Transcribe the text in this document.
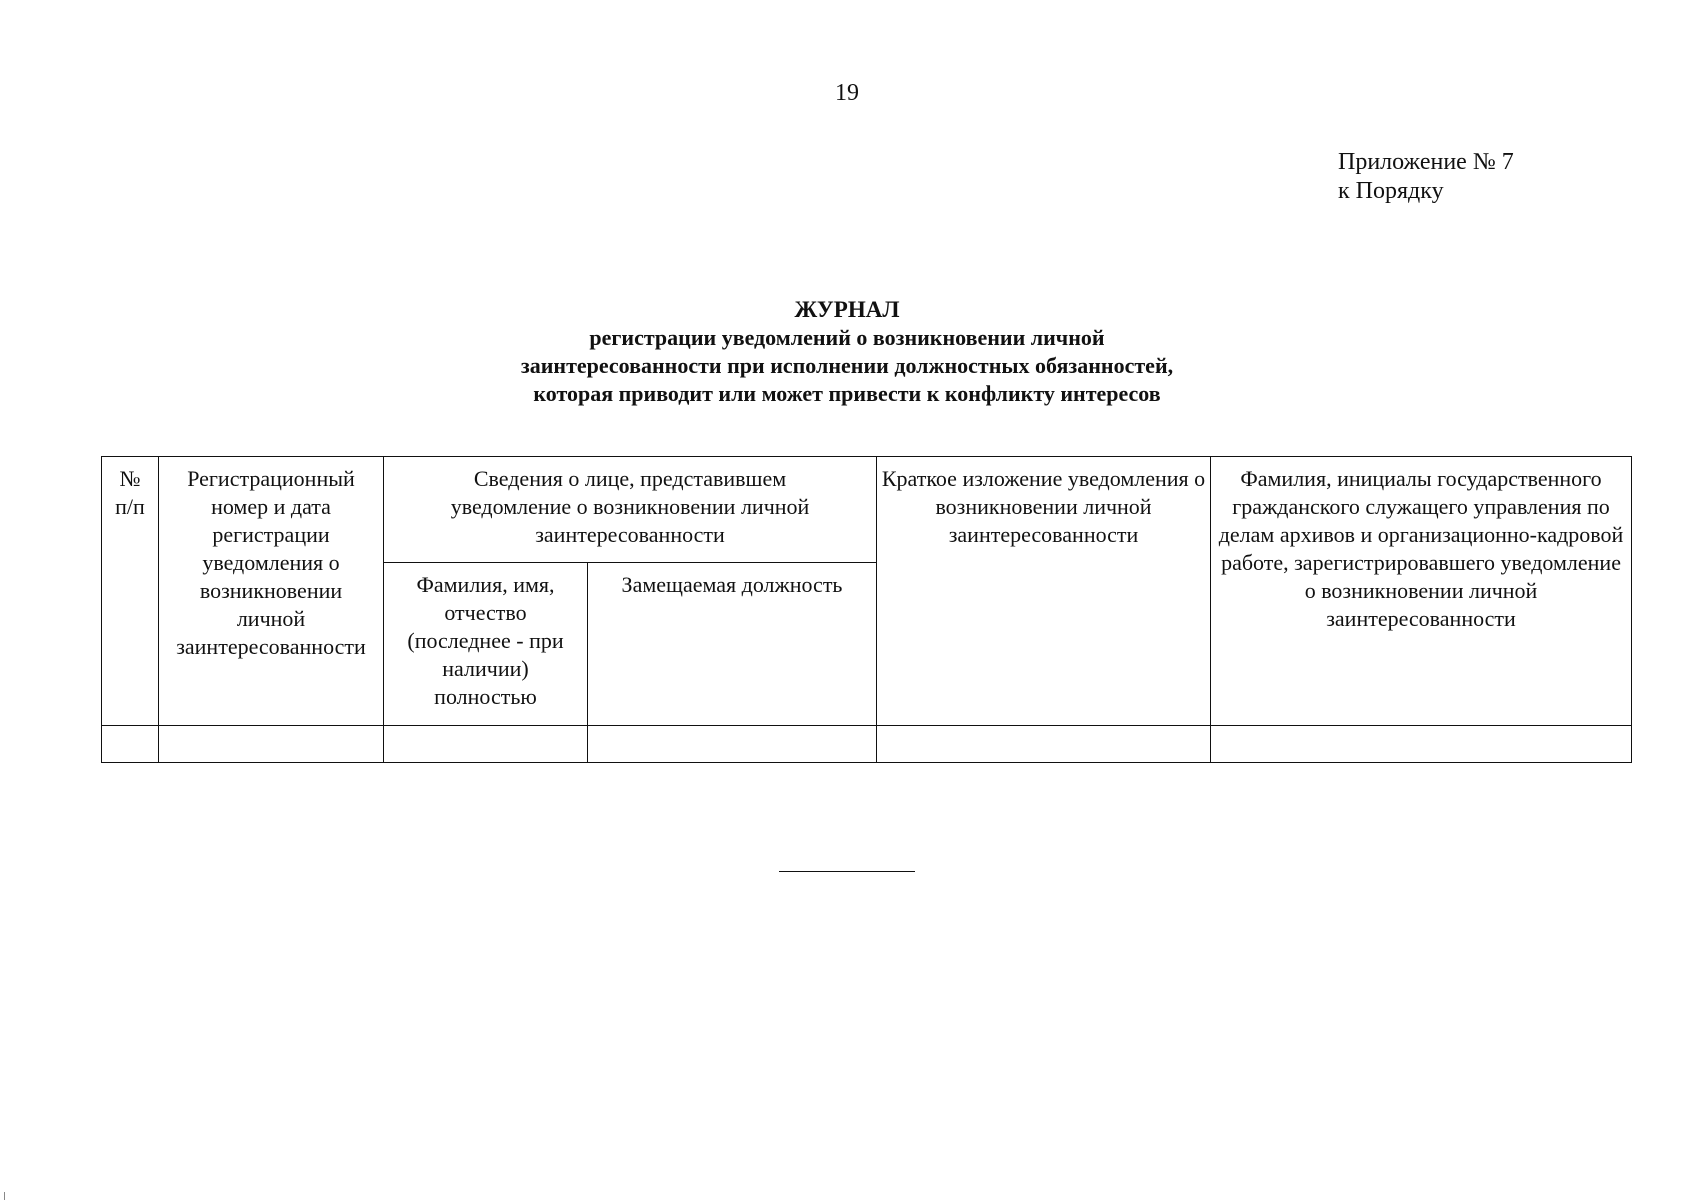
19
Приложение № 7
к Порядку
ЖУРНАЛ
регистрации уведомлений о возникновении личной
заинтересованности при исполнении должностных обязанностей,
которая приводит или может привести к конфликту интересов
№ п/п	Регистрационный номер и дата регистрации уведомления о возникновении личной заинтересованности	Сведения о лице, представившем уведомление о возникновении личной заинтересованности		Краткое изложение уведомления о возникновении личной заинтересованности	Фамилия, инициалы государственного гражданского служащего управления по делам архивов и организационно-кадровой работе, зарегистрировавшего уведомление о возникновении личной заинтересованности
		Фамилия, имя, отчество (последнее - при наличии) полностью	Замещаемая должность		
